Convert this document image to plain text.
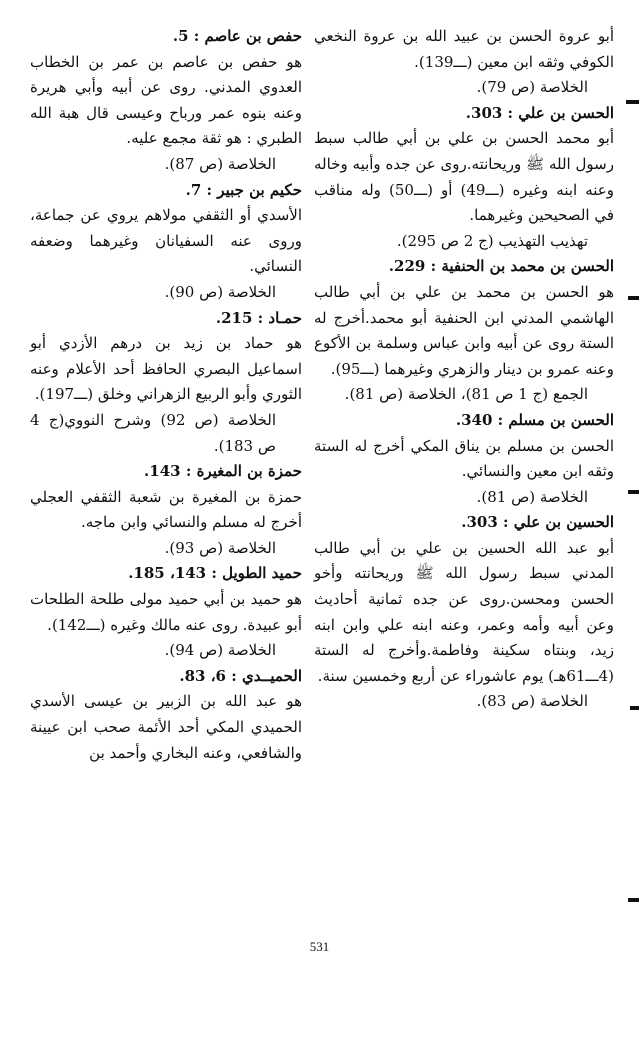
أبو عروة الحسن بن عبيد الله بن عروة النخعي الكوفي وثقه ابن معين (ـــ139).

الخلاصة (ص 79).

الحسن بن علي : 303.

أبو محمد الحسن بن علي بن أبي طالب سبط رسول الله ﷺ وريحانته.روى عن جده وأبيه وخاله وعنه ابنه وغيره (ـــ49) أو (ـــ50) وله مناقب في الصحيحين وغيرهما.

تهذيب التهذيب (ج 2 ص 295).

الحسن بن محمد بن الحنفية : 229.

هو الحسن بن محمد بن علي بن أبي طالب الهاشمي المدني ابن الحنفية أبو محمد.أخرج له الستة روى عن أبيه وابن عباس وسلمة بن الأكوع وعنه عمرو بن دينار والزهري وغيرهما (ـــ95).

الجمع (ج 1 ص 81)، الخلاصة (ص 81).

الحسن بن مسلم : 340.

الحسن بن مسلم بن يناق المكي أخرج له الستة وثقه ابن معين والنسائي.

الخلاصة (ص 81).

الحسين بن علي : 303.

أبو عبد الله الحسين بن علي بن أبي طالب المدني سبط رسول الله ﷺ وريحانته وأخو الحسن ومحسن.روى عن جده ثمانية أحاديث وعن أبيه وأمه وعمر، وعنه ابنه علي وابن ابنه زيد، وبنتاه سكينة وفاطمة.وأخرج له الستة (4ـــ61هـ) يوم عاشوراء عن أربع وخمسين سنة.

الخلاصة (ص 83).

حفص بن عاصم : 5.

هو حفص بن عاصم بن عمر بن الخطاب العدوي المدني. روى عن أبيه وأبي هريرة وعنه بنوه عمر ورباح وعيسى قال هبة الله الطبري : هو ثقة مجمع عليه.

الخلاصة (ص 87).

حكيم بن جبير : 7.

الأسدي أو الثقفي مولاهم يروي عن جماعة، وروى عنه السفيانان وغيرهما وضعفه النسائي.

الخلاصة (ص 90).

حمـاد : 215.

هو حماد بن زيد بن درهم الأزدي أبو اسماعيل البصري الحافظ أحد الأعلام وعنه الثوري وأبو الربيع الزهراني وخلق (ـــ197).

الخلاصة (ص 92) وشرح النووي(ج 4 ص 183).

حمزة بن المغيرة : 143.

حمزة بن المغيرة بن شعبة الثقفي العجلي أخرج له مسلم والنسائي وابن ماجه.

الخلاصة (ص 93).

حميد الطويل : 143، 185.

هو حميد بن أبي حميد مولى طلحة الطلحات أبو عبيدة. روى عنه مالك وغيره (ـــ142).

الخلاصة (ص 94).

الحميــدي : 6، 83.

هو عبد الله بن الزبير بن عيسى الأسدي الحميدي المكي أحد الأئمة صحب ابن عيينة والشافعي، وعنه البخاري وأحمد بن

531
